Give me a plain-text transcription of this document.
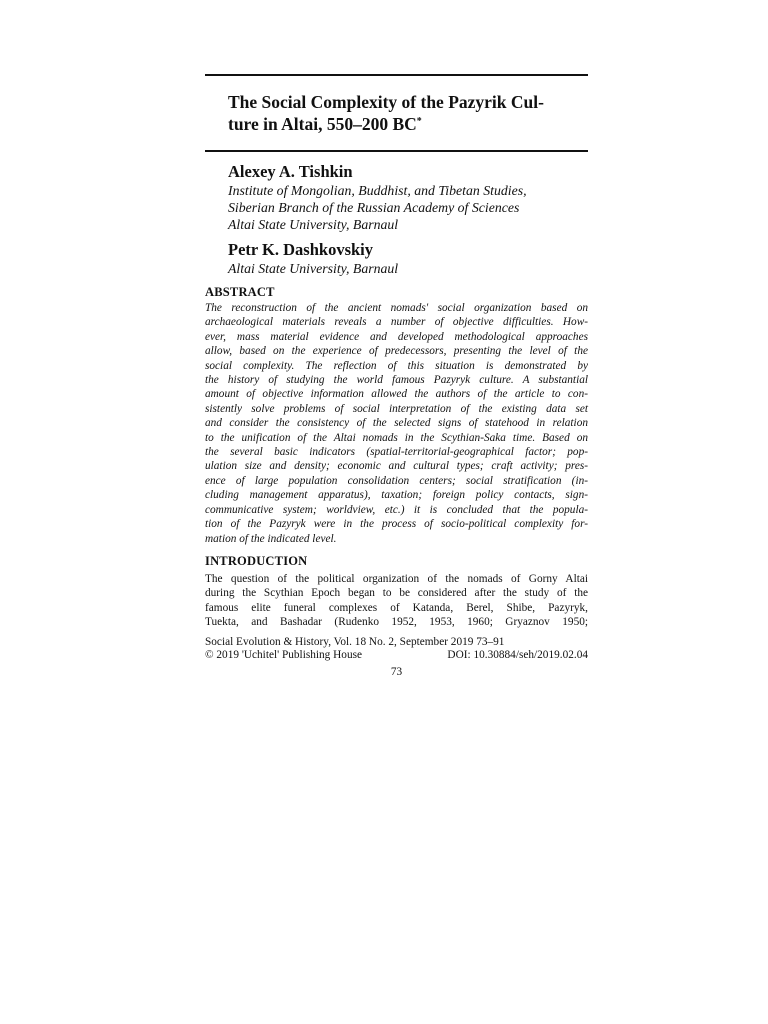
The Social Complexity of the Pazyrik Cul-
ture in Altai, 550–200 BC*
Alexey A. Tishkin
Institute of Mongolian, Buddhist, and Tibetan Studies,
Siberian Branch of the Russian Academy of Sciences
Altai State University, Barnaul
Petr K. Dashkovskiy
Altai State University, Barnaul
ABSTRACT
The reconstruction of the ancient nomads' social organization based on
archaeological materials reveals a number of objective difficulties. How-
ever, mass material evidence and developed methodological approaches
allow, based on the experience of predecessors, presenting the level of the
social complexity. The reflection of this situation is demonstrated by
the history of studying the world famous Pazyryk culture. A substantial
amount of objective information allowed the authors of the article to con-
sistently solve problems of social interpretation of the existing data set
and consider the consistency of the selected signs of statehood in relation
to the unification of the Altai nomads in the Scythian-Saka time. Based on
the several basic indicators (spatial-territorial-geographical factor; pop-
ulation size and density; economic and cultural types; craft activity; pres-
ence of large population consolidation centers; social stratification (in-
cluding management apparatus), taxation; foreign policy contacts, sign-
communicative system; worldview, etc.) it is concluded that the popula-
tion of the Pazyryk were in the process of socio-political complexity for-
mation of the indicated level.
INTRODUCTION
The question of the political organization of the nomads of Gorny Altai
during the Scythian Epoch began to be considered after the study of the
famous elite funeral complexes of Katanda, Berel, Shibe, Pazyryk,
Tuekta, and Bashadar (Rudenko 1952, 1953, 1960; Gryaznov 1950;
Social Evolution & History, Vol. 18 No. 2, September 2019 73–91
© 2019 'Uchitel' Publishing House	DOI: 10.30884/seh/2019.02.04
73
